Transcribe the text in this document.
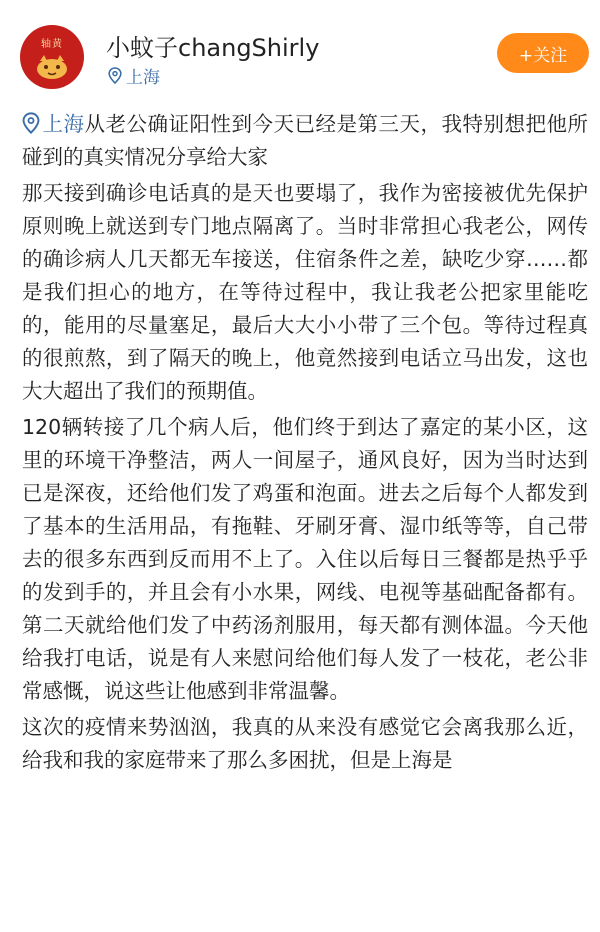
轴黄	小蚊子changShirly
上海
+关注

上海从老公确证阳性到今天已经是第三天，我特别想把他所碰到的真实情况分享给大家

那天接到确诊电话真的是天也要塌了，我作为密接被优先保护原则晚上就送到专门地点隔离了。当时非常担心我老公，网传的确诊病人几天都无车接送，住宿条件之差，缺吃少穿……都是我们担心的地方，在等待过程中，我让我老公把家里能吃的，能用的尽量塞足，最后大大小小带了三个包。等待过程真的很煎熬，到了隔天的晚上，他竟然接到电话立马出发，这也大大超出了我们的预期值。

120辆转接了几个病人后，他们终于到达了嘉定的某小区，这里的环境干净整洁，两人一间屋子，通风良好，因为当时达到已是深夜，还给他们发了鸡蛋和泡面。进去之后每个人都发到了基本的生活用品，有拖鞋、牙刷牙膏、湿巾纸等等，自己带去的很多东西到反而用不上了。入住以后每日三餐都是热乎乎的发到手的，并且会有小水果，网线、电视等基础配备都有。第二天就给他们发了中药汤剂服用，每天都有测体温。今天他给我打电话，说是有人来慰问给他们每人发了一枝花，老公非常感慨，说这些让他感到非常温馨。

这次的疫情来势汹汹，我真的从来没有感觉它会离我那么近，给我和我的家庭带来了那么多困扰，但是上海是
